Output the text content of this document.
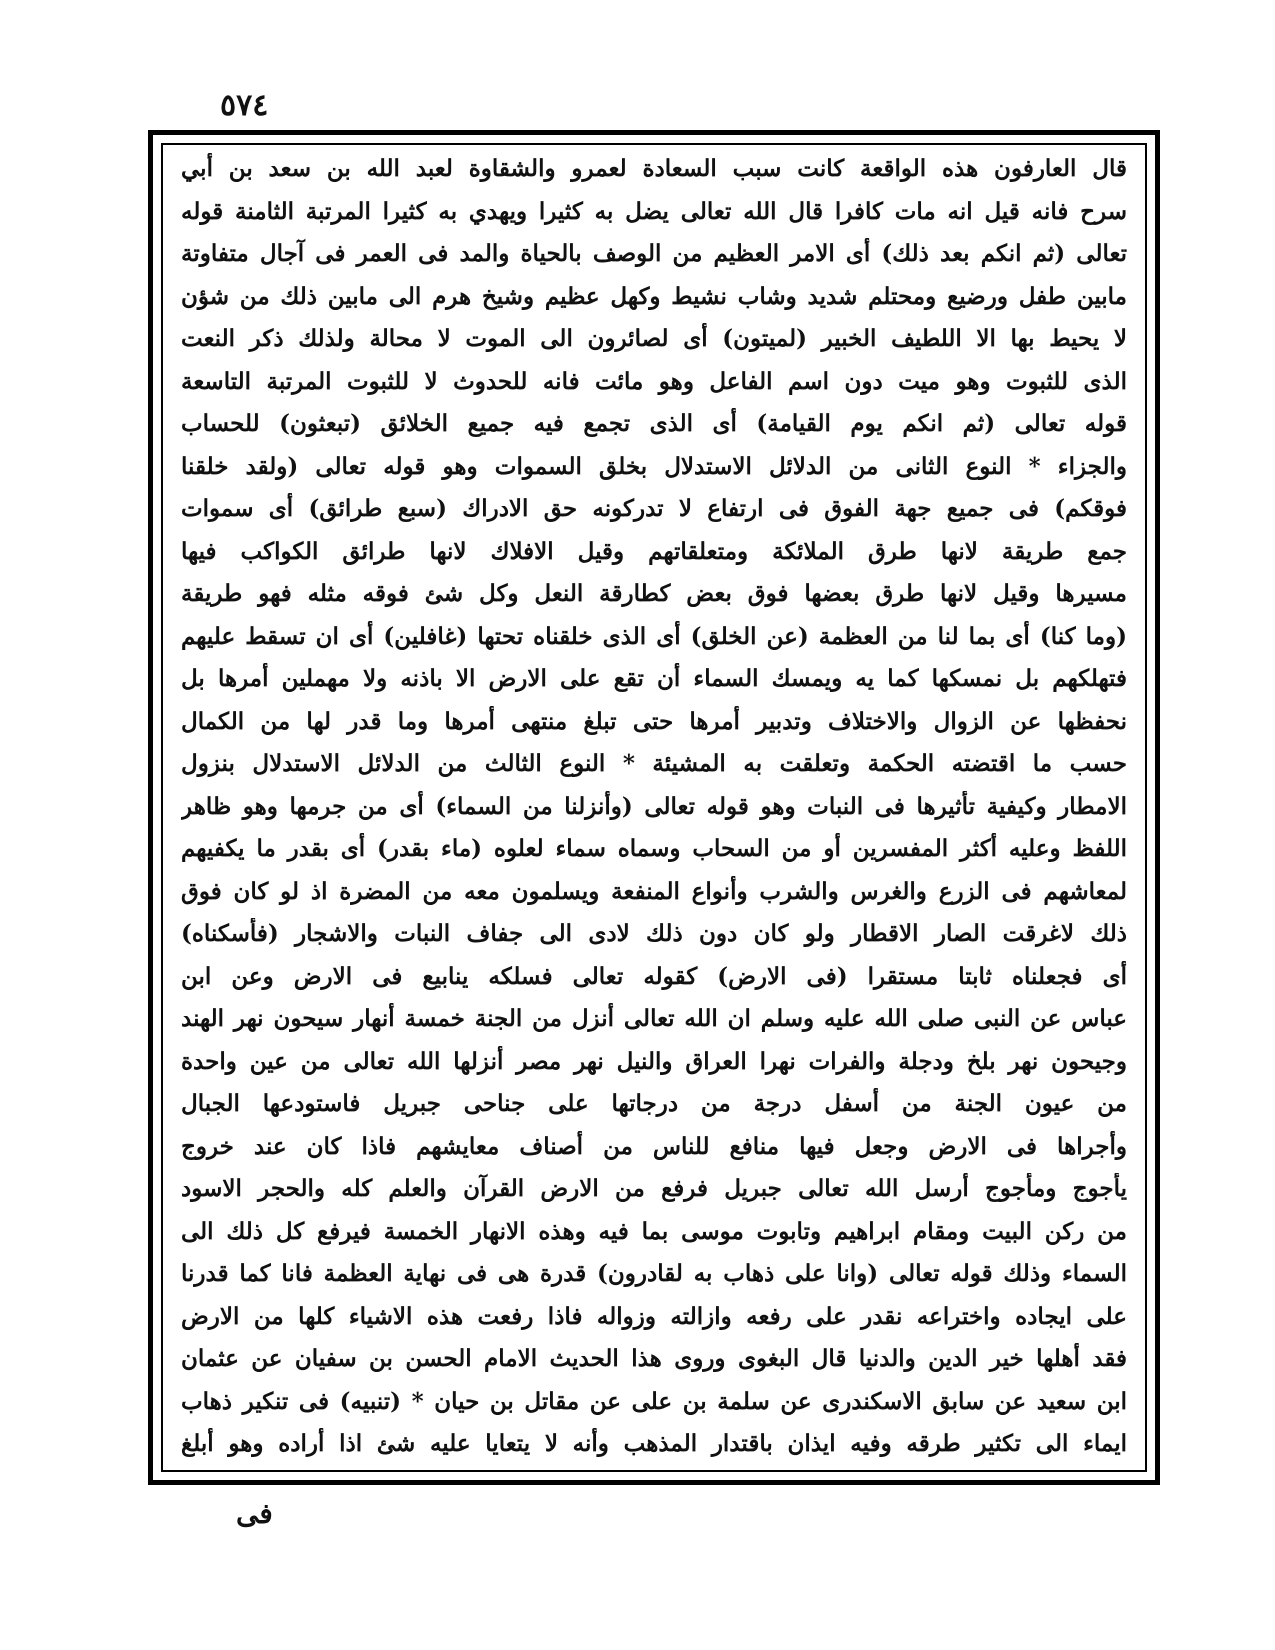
٥٧٤
قال العارفون هذه الواقعة كانت سبب السعادة لعمرو والشقاوة لعبد الله بن سعد بن أبي
سرح فانه قيل انه مات كافرا قال الله تعالى يضل به كثيرا ويهدي به كثيرا المرتبة الثامنة قوله
تعالى (ثم انكم بعد ذلك) أى الامر العظيم من الوصف بالحياة والمد فى العمر فى آجال متفاوتة
مابين طفل ورضيع ومحتلم شديد وشاب نشيط وكهل عظيم وشيخ هرم الى مابين ذلك من شؤن
لا يحيط بها الا اللطيف الخبير (لميتون) أى لصائرون الى الموت لا محالة ولذلك ذكر النعت
الذى للثبوت وهو ميت دون اسم الفاعل وهو مائت فانه للحدوث لا للثبوت المرتبة التاسعة
قوله تعالى (ثم انكم يوم القيامة) أى الذى تجمع فيه جميع الخلائق (تبعثون) للحساب
والجزاء * النوع الثانى من الدلائل الاستدلال بخلق السموات وهو قوله تعالى (ولقد خلقنا
فوقكم) فى جميع جهة الفوق فى ارتفاع لا تدركونه حق الادراك (سبع طرائق) أى سموات
جمع طريقة لانها طرق الملائكة ومتعلقاتهم وقيل الافلاك لانها طرائق الكواكب فيها
مسيرها وقيل لانها طرق بعضها فوق بعض كطارقة النعل وكل شئ فوقه مثله فهو طريقة
(وما كنا) أى بما لنا من العظمة (عن الخلق) أى الذى خلقناه تحتها (غافلين) أى ان تسقط عليهم
فتهلكهم بل نمسكها كما يه ويمسك السماء أن تقع على الارض الا باذنه ولا مهملين أمرها بل
نحفظها عن الزوال والاختلاف وتدبير أمرها حتى تبلغ منتهى أمرها وما قدر لها من الكمال
حسب ما اقتضته الحكمة وتعلقت به المشيئة * النوع الثالث من الدلائل الاستدلال بنزول
الامطار وكيفية تأثيرها فى النبات وهو قوله تعالى (وأنزلنا من السماء) أى من جرمها وهو ظاهر
اللفظ وعليه أكثر المفسرين أو من السحاب وسماه سماء لعلوه (ماء بقدر) أى بقدر ما يكفيهم
لمعاشهم فى الزرع والغرس والشرب وأنواع المنفعة ويسلمون معه من المضرة اذ لو كان فوق
ذلك لاغرقت الصار الاقطار ولو كان دون ذلك لادى الى جفاف النبات والاشجار (فأسكناه)
أى فجعلناه ثابتا مستقرا (فى الارض) كقوله تعالى فسلكه ينابيع فى الارض وعن ابن
عباس عن النبى صلى الله عليه وسلم ان الله تعالى أنزل من الجنة خمسة أنهار سيحون نهر الهند
وجيحون نهر بلخ ودجلة والفرات نهرا العراق والنيل نهر مصر أنزلها الله تعالى من عين واحدة
من عيون الجنة من أسفل درجة من درجاتها على جناحى جبريل فاستودعها الجبال
وأجراها فى الارض وجعل فيها منافع للناس من أصناف معايشهم فاذا كان عند خروج
يأجوج ومأجوج أرسل الله تعالى جبريل فرفع من الارض القرآن والعلم كله والحجر الاسود
من ركن البيت ومقام ابراهيم وتابوت موسى بما فيه وهذه الانهار الخمسة فيرفع كل ذلك الى
السماء وذلك قوله تعالى (وانا على ذهاب به لقادرون) قدرة هى فى نهاية العظمة فانا كما قدرنا
على ايجاده واختراعه نقدر على رفعه وازالته وزواله فاذا رفعت هذه الاشياء كلها من الارض
فقد أهلها خير الدين والدنيا قال البغوى وروى هذا الحديث الامام الحسن بن سفيان عن عثمان
ابن سعيد عن سابق الاسكندرى عن سلمة بن على عن مقاتل بن حيان * (تنبيه) فى تنكير ذهاب
ايماء الى تكثير طرقه وفيه ايذان باقتدار المذهب وأنه لا يتعايا عليه شئ اذا أراده وهو أبلغ
فى
